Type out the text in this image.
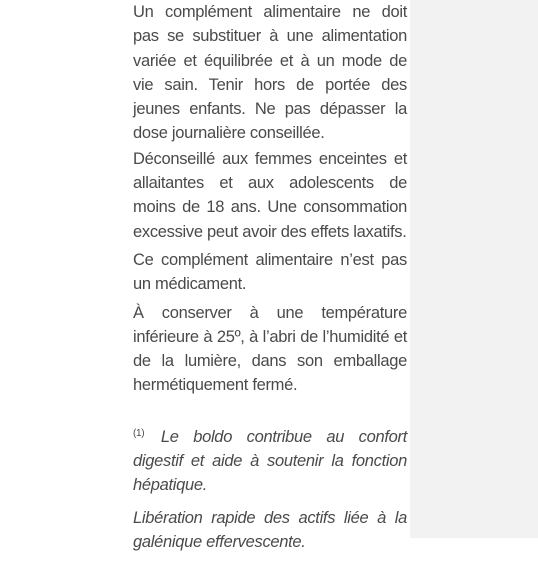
Un complément alimentaire ne doit pas se substituer à une alimentation variée et équilibrée et à un mode de vie sain. Tenir hors de portée des jeunes enfants. Ne pas dépasser la dose journalière conseillée.

Déconseillé aux femmes enceintes et allaitantes et aux adolescents de moins de 18 ans. Une consommation excessive peut avoir des effets laxatifs.

Ce complément alimentaire n’est pas un médicament.

À conserver à une température inférieure à 25º, à l’abri de l’humidité et de la lumière, dans son emballage hermétiquement fermé.

$^{(1)}$ Le boldo contribue au confort digestif et aide à soutenir la fonction hépatique.

Libération rapide des actifs liée à la galénique effervescente.
